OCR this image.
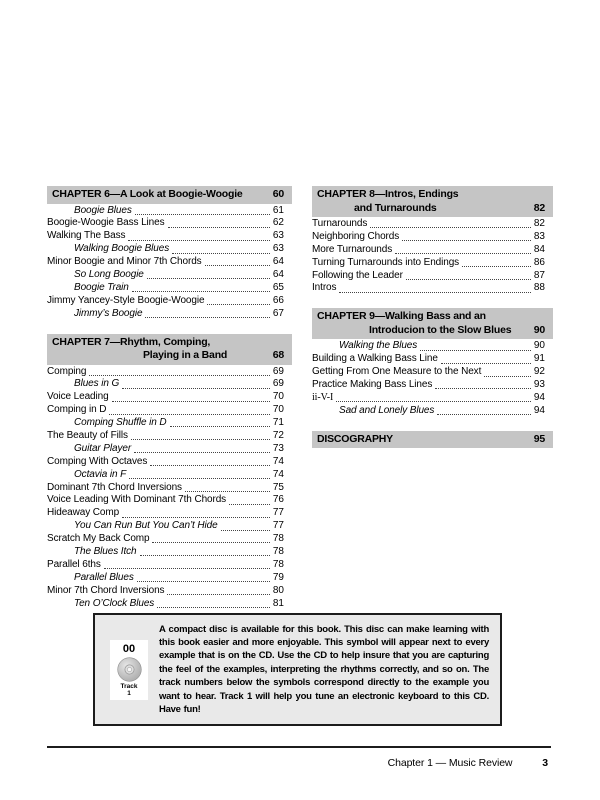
CHAPTER 6—A Look at Boogie-Woogie	60
Boogie Blues	61
Boogie-Woogie Bass Lines	62
Walking The Bass	63
Walking Boogie Blues	63
Minor Boogie and Minor 7th Chords	64
So Long Boogie	64
Boogie Train	65
Jimmy Yancey-Style Boogie-Woogie	66
Jimmy’s Boogie	67
CHAPTER 7—Rhythm, Comping,
Playing in a Band	68
Comping	69
Blues in G	69
Voice Leading	70
Comping in D	70
Comping Shuffle in D	71
The Beauty of Fills	72
Guitar Player	73
Comping With Octaves	74
Octavia in F	74
Dominant 7th Chord Inversions	75
Voice Leading With Dominant 7th Chords	76
Hideaway Comp	77
You Can Run But You Can’t Hide	77
Scratch My Back Comp	78
The Blues Itch	78
Parallel 6ths	78
Parallel Blues	79
Minor 7th Chord Inversions	80
Ten O’Clock Blues	81
CHAPTER 8—Intros, Endings
and Turnarounds	82
Turnarounds	82
Neighboring Chords	83
More Turnarounds	84
Turning Turnarounds into Endings	86
Following the Leader	87
Intros	88
CHAPTER 9—Walking Bass and an
Introducion to the Slow Blues 90
Walking the Blues	90
Building a Walking Bass Line	91
Getting From One Measure to the Next	92
Practice Making Bass Lines	93
ii-V-I	94
Sad and Lonely Blues	94
DISCOGRAPHY	95
00
Track
1
A compact disc is available for this book. This disc can make learning with this book easier and more enjoyable. This symbol will appear next to every example that is on the CD. Use the CD to help insure that you are capturing the feel of the examples, interpreting the rhythms correctly, and so on. The track numbers below the symbols correspond directly to the example you want to hear. Track 1 will help you tune an electronic keyboard to this CD. Have fun!
Chapter 1 — Music Review	3
